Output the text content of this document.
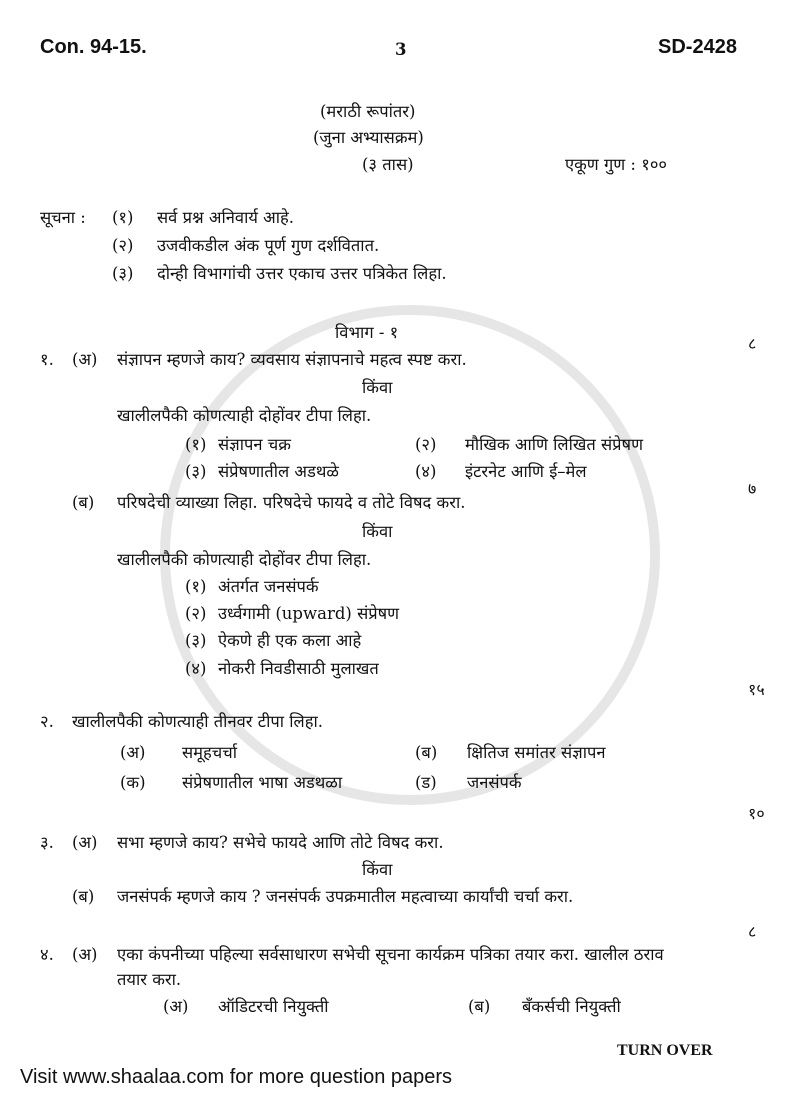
Con. 94-15.	3	SD-2428
(मराठी रूपांतर)
(जुना अभ्यासक्रम)
(३ तास)	एकूण गुण : १००
सूचना : (१) सर्व प्रश्न अनिवार्य आहे.
(२) उजवीकडील अंक पूर्ण गुण दर्शवितात.
(३) दोन्ही विभागांची उत्तर एकाच उत्तर पत्रिकेत लिहा.
विभाग - १
८
१. (अ) संज्ञापन म्हणजे काय? व्यवसाय संज्ञापनाचे महत्व स्पष्ट करा.
किंवा
खालीलपैकी कोणत्याही दोहोंवर टीपा लिहा.
(१) संज्ञापन चक्र	(२) मौखिक आणि लिखित संप्रेषण
(३) संप्रेषणातील अडथळे	(४) इंटरनेट आणि ई–मेल
७
(ब) परिषदेची व्याख्या लिहा. परिषदेचे फायदे व तोटे विषद करा.
किंवा
खालीलपैकी कोणत्याही दोहोंवर टीपा लिहा.
(१) अंतर्गत जनसंपर्क
(२) उर्ध्वगामी (upward) संप्रेषण
(३) ऐकणे ही एक कला आहे
(४) नोकरी निवडीसाठी मुलाखत
१५
२. खालीलपैकी कोणत्याही तीनवर टीपा लिहा.
(अ) समूहचर्चा	(ब) क्षितिज समांतर संज्ञापन
(क) संप्रेषणातील भाषा अडथळा	(ड) जनसंपर्क
१०
३. (अ) सभा म्हणजे काय? सभेचे फायदे आणि तोटे विषद करा.
किंवा
(ब) जनसंपर्क म्हणजे काय ? जनसंपर्क उपक्रमातील महत्वाच्या कार्यांची चर्चा करा.
८
४. (अ) एका कंपनीच्या पहिल्या सर्वसाधारण सभेची सूचना कार्यक्रम पत्रिका तयार करा. खालील ठराव
तयार करा.
(अ) ऑडिटरची नियुक्ती	(ब) बँकर्सची नियुक्ती
TURN OVER
Visit www.shaalaa.com for more question papers
